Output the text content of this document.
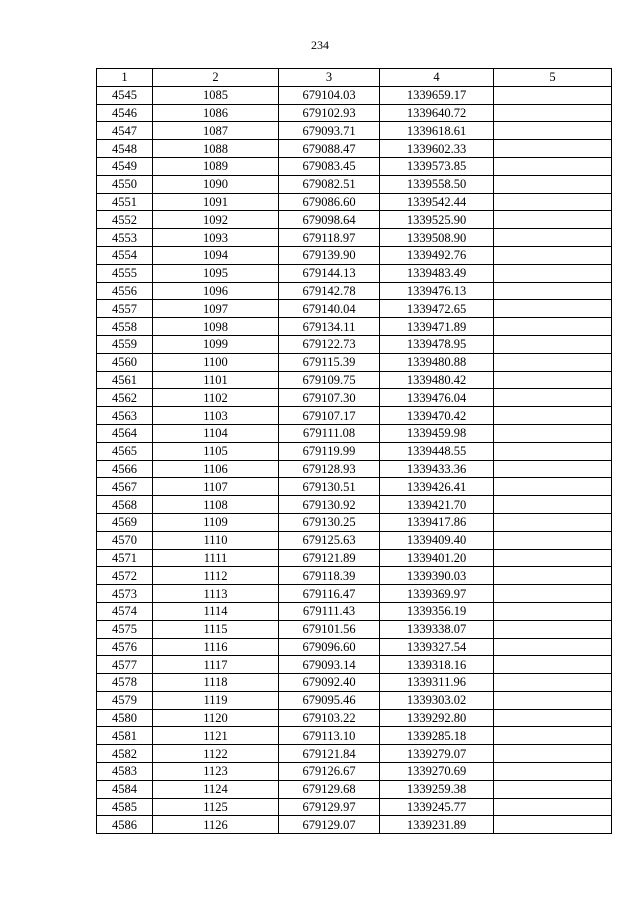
234
1	2	3	4	5
4545	1085	679104.03	1339659.17	
4546	1086	679102.93	1339640.72	
4547	1087	679093.71	1339618.61	
4548	1088	679088.47	1339602.33	
4549	1089	679083.45	1339573.85	
4550	1090	679082.51	1339558.50	
4551	1091	679086.60	1339542.44	
4552	1092	679098.64	1339525.90	
4553	1093	679118.97	1339508.90	
4554	1094	679139.90	1339492.76	
4555	1095	679144.13	1339483.49	
4556	1096	679142.78	1339476.13	
4557	1097	679140.04	1339472.65	
4558	1098	679134.11	1339471.89	
4559	1099	679122.73	1339478.95	
4560	1100	679115.39	1339480.88	
4561	1101	679109.75	1339480.42	
4562	1102	679107.30	1339476.04	
4563	1103	679107.17	1339470.42	
4564	1104	679111.08	1339459.98	
4565	1105	679119.99	1339448.55	
4566	1106	679128.93	1339433.36	
4567	1107	679130.51	1339426.41	
4568	1108	679130.92	1339421.70	
4569	1109	679130.25	1339417.86	
4570	1110	679125.63	1339409.40	
4571	1111	679121.89	1339401.20	
4572	1112	679118.39	1339390.03	
4573	1113	679116.47	1339369.97	
4574	1114	679111.43	1339356.19	
4575	1115	679101.56	1339338.07	
4576	1116	679096.60	1339327.54	
4577	1117	679093.14	1339318.16	
4578	1118	679092.40	1339311.96	
4579	1119	679095.46	1339303.02	
4580	1120	679103.22	1339292.80	
4581	1121	679113.10	1339285.18	
4582	1122	679121.84	1339279.07	
4583	1123	679126.67	1339270.69	
4584	1124	679129.68	1339259.38	
4585	1125	679129.97	1339245.77	
4586	1126	679129.07	1339231.89	
